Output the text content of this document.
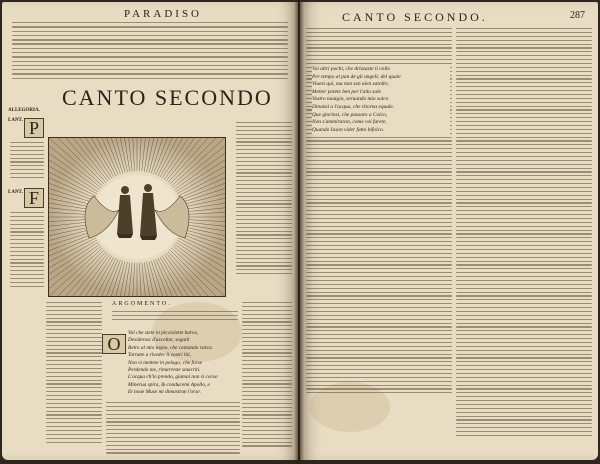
PARADISO
CANTO SECONDO
ALLEGORIA.
LANT.
LANT.
P
F
ARGOMENTO.
O
Vol che siete in picciolette barca,
Desiderosi d'ascoltar, seguiti
Retro al mio legno, che cantando varca.
Tornate a riveder li vostri liti,
Non vi mettete in pelago; che forse
Perdendo me, rimarreste smarriti.
L'acqua ch'io prendo, giamai non si corse:
Minerua spira, & conducemi Apollo, e
Et noue Muse mi dimostran l'orse.
CANTO SECONDO.	287
Voi altri pochi, che drizzaste il collo
Per tempo al pan de gli angeli; del quale
Viuesi qui, ma non sen uien satollo;
Metter potete ben per l'alto sale
Vostro nauigio, seruando mio solco
Dinanzi a l'acqua, che ritorna equale.
Que gloriosi, che passaro a Colco,
Non s'ammiraron, come voi farete,
Quando Iason vider fatto bifolco.
